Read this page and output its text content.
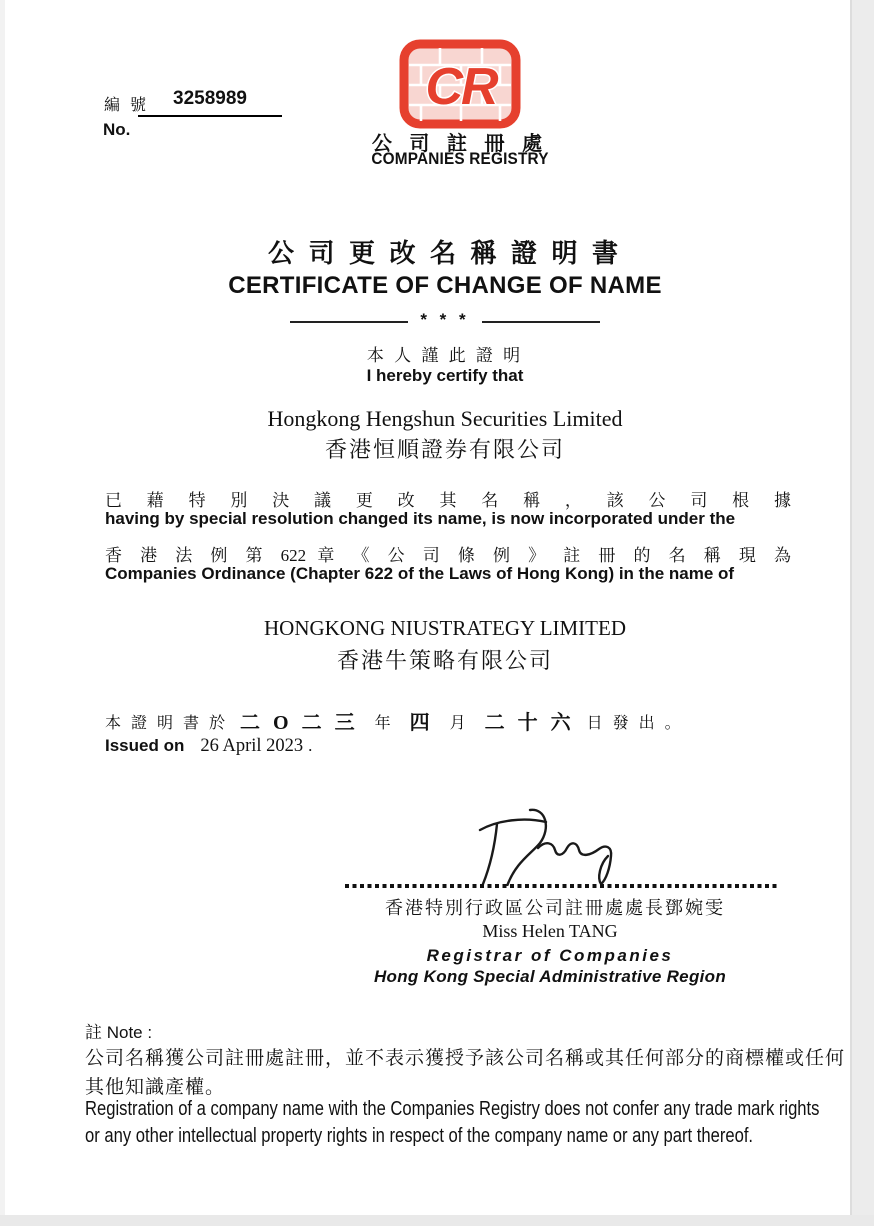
編 號	3258989
No.
CR
公 司 註 冊 處
COMPANIES REGISTRY
公 司 更 改 名 稱 證 明 書
CERTIFICATE OF CHANGE OF NAME
* * *
本 人 謹 此 證 明
I hereby certify that
Hongkong Hengshun Securities Limited
香港恒順證券有限公司
已 藉 特 別 決 議 更 改 其 名 稱 ， 該 公 司 根 據
having by special resolution changed its name, is now incorporated under the
香 港 法 例 第 622 章 《 公 司 條 例 》 註 冊 的 名 稱 現 為
Companies Ordinance (Chapter 622 of the Laws of Hong Kong) in the name of
HONGKONG NIUSTRATEGY LIMITED
香港牛策略有限公司
本 證 明 書 於 二 O 二 三 年 四 月 二 十 六 日 發 出 。
Issued on 26 April 2023 .
香港特別行政區公司註冊處處長鄧婉雯
Miss Helen TANG
Registrar of Companies
Hong Kong Special Administrative Region
註 Note :
公司名稱獲公司註冊處註冊，並不表示獲授予該公司名稱或其任何部分的商標權或任何
其他知識產權。
Registration of a company name with the Companies Registry does not confer any trade mark rights
or any other intellectual property rights in respect of the company name or any part thereof.
